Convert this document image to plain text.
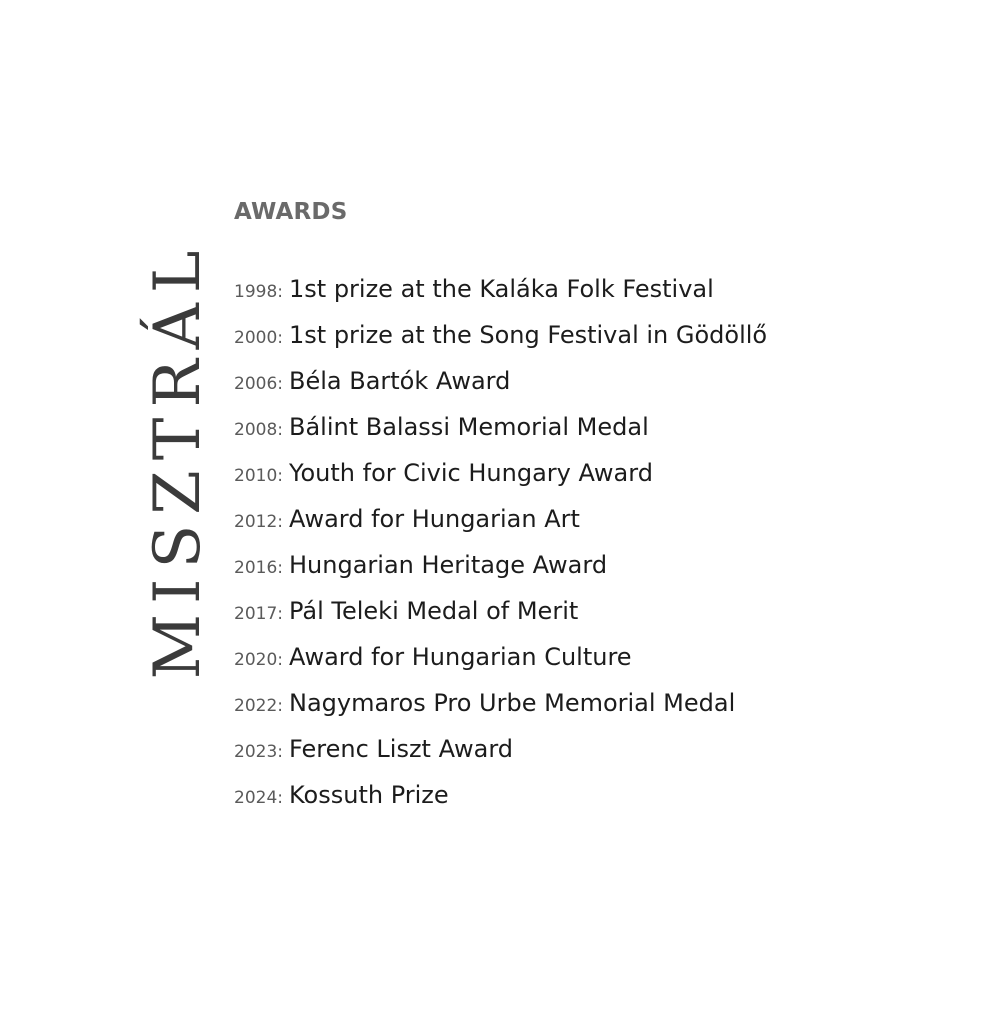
MISZTRÁL
AWARDS
1998 : 1st prize at the Kaláka Folk Festival
2000 : 1st prize at the Song Festival in Gödöllő
2006 : Béla Bartók Award
2008 : Bálint Balassi Memorial Medal
2010 : Youth for Civic Hungary Award
2012 : Award for Hungarian Art
2016 : Hungarian Heritage Award
2017 : Pál Teleki Medal of Merit
2020 : Award for Hungarian Culture
2022 : Nagymaros Pro Urbe Memorial Medal
2023 : Ferenc Liszt Award
2024 : Kossuth Prize
